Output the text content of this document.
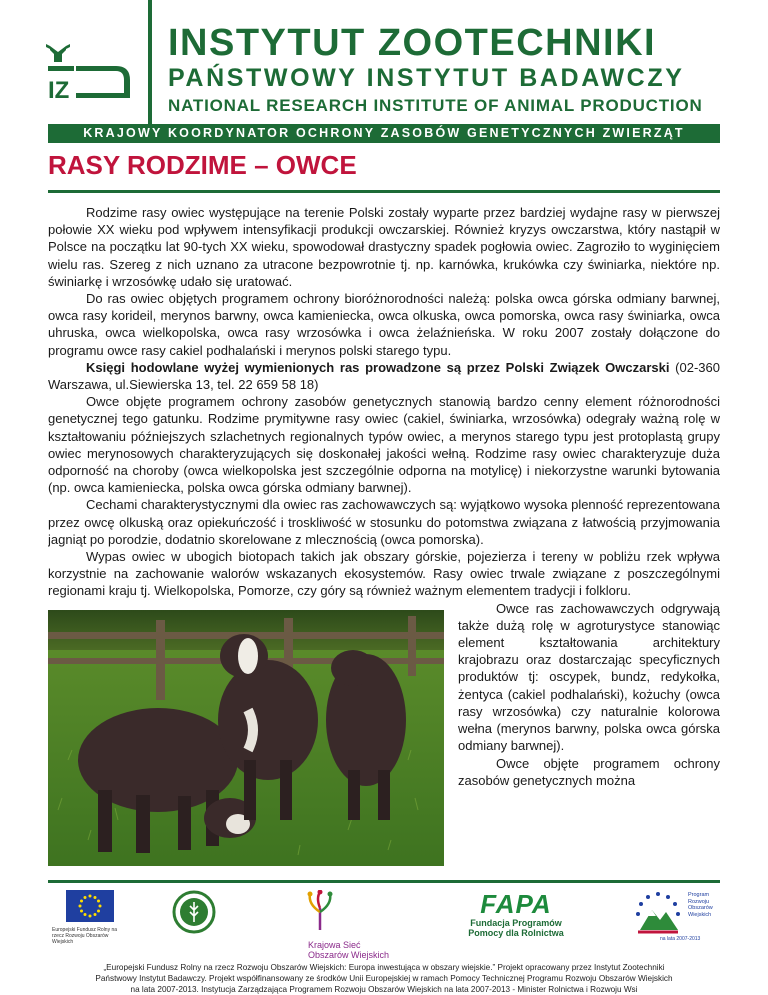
IZ
INSTYTUT ZOOTECHNIKI
PAŃSTWOWY INSTYTUT BADAWCZY
NATIONAL RESEARCH INSTITUTE OF ANIMAL PRODUCTION
KRAJOWY KOORDYNATOR OCHRONY ZASOBÓW GENETYCZNYCH ZWIERZĄT
RASY RODZIME – OWCE

Rodzime rasy owiec występujące na terenie Polski zostały wyparte przez bardziej wydajne rasy w pierwszej połowie XX wieku pod wpływem intensyfikacji produkcji owczarskiej. Również kryzys owczarstwa, który nastąpił w Polsce na początku lat 90-tych XX wieku, spowodował drastyczny spadek pogłowia owiec. Zagroziło to wyginięciem wielu ras. Szereg z nich uznano za utracone bezpowrotnie tj. np. karnówka, krukówka czy świniarka, niektóre np. świniarkę i wrzosówkę udało się uratować.

Do ras owiec objętych programem ochrony bioróżnorodności należą: polska owca górska odmiany barwnej, owca rasy korideil, merynos barwny, owca kamieniecka, owca olkuska, owca pomorska, owca rasy świniarka, owca uhruska, owca wielkopolska, owca rasy wrzosówka i owca żelaźnieńska. W roku 2007 zostały dołączone do programu owce rasy cakiel podhalański i merynos polski starego typu.

Księgi hodowlane wyżej wymienionych ras prowadzone są przez Polski Związek Owczarski (02-360 Warszawa, ul.Siewierska 13, tel. 22 659 58 18)

Owce objęte programem ochrony zasobów genetycznych stanowią bardzo cenny element różnorodności genetycznej tego gatunku. Rodzime prymitywne rasy owiec (cakiel, świniarka, wrzosówka) odegrały ważną rolę w kształtowaniu późniejszych szlachetnych regionalnych typów owiec, a merynos starego typu jest protoplastą grupy owiec merynosowych charakteryzujących się doskonałej jakości wełną. Rodzime rasy owiec charakteryzuje duża odporność na choroby (owca wielkopolska jest szczególnie odporna na motylicę) i niekorzystne warunki bytowania (np. owca kamieniecka, polska owca górska odmiany barwnej).

Cechami charakterystycznymi dla owiec ras zachowawczych są: wyjątkowo wysoka plenność reprezentowana przez owcę olkuską oraz opiekuńczość i troskliwość w stosunku do potomstwa związana z łatwością przyjmowania jagniąt po porodzie, dodatnio skorelowane z mlecznością (owca pomorska).

Wypas owiec w ubogich biotopach takich jak obszary górskie, pojezierza i tereny w pobliżu rzek wpływa korzystnie na zachowanie walorów wskazanych ekosystemów. Rasy owiec trwale związane z poszczególnymi regionami kraju tj. Wielkopolska, Pomorze, czy góry są również ważnym elementem tradycji i folkloru.

Owce ras zachowawczych odgrywają także dużą rolę w agroturystyce stanowiąc element kształtowania architektury krajobrazu oraz dostarczając specyficznych produktów tj: oscypek, bundz, redykołka, żentyca (cakiel podhalański), kożuchy (owca rasy wrzosówka) czy naturalnie kolorowa wełna (merynos barwny, polska owca górska odmiany barwnej).

Owce objęte programem ochrony zasobów genetycznych można

Europejski Fundusz Rolny na rzecz Rozwoju Obszarów Wiejskich	Krajowa Sieć
Obszarów Wiejskich
FAPA
Fundacja Programów
Pomocy dla Rolnictwa
Program
Rozwoju
Obszarów
Wiejskich
na lata 2007-2013
„Europejski Fundusz Rolny na rzecz Rozwoju Obszarów Wiejskich: Europa inwestująca w obszary wiejskie.” Projekt opracowany przez Instytut Zootechniki
Państwowy Instytut Badawczy. Projekt współfinansowany ze środków Unii Europejskiej w ramach Pomocy Technicznej Programu Rozwoju Obszarów Wiejskich
na lata 2007-2013. Instytucja Zarządzająca Programem Rozwoju Obszarów Wiejskich na lata 2007-2013 - Minister Rolnictwa i Rozwoju Wsi
